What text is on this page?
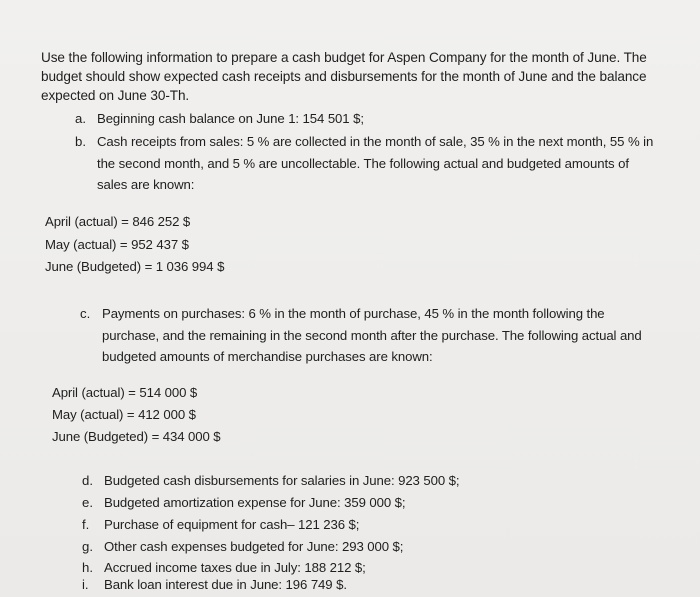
Use the following information to prepare a cash budget for Aspen Company for the month of June. The
budget should show expected cash receipts and disbursements for the month of June and the balance
expected on June 30-Th.
a. Beginning cash balance on June 1: 154 501 $;
b. Cash receipts from sales: 5 % are collected in the month of sale, 35 % in the next month, 55 % in
the second month, and 5 % are uncollectable. The following actual and budgeted amounts of
sales are known:
April (actual) = 846 252 $
May (actual) = 952 437 $
June (Budgeted) = 1 036 994 $
c. Payments on purchases: 6 % in the month of purchase, 45 % in the month following the
purchase, and the remaining in the second month after the purchase. The following actual and
budgeted amounts of merchandise purchases are known:
April (actual) = 514 000 $
May (actual) = 412 000 $
June (Budgeted) = 434 000 $
d. Budgeted cash disbursements for salaries in June: 923 500 $;
e. Budgeted amortization expense for June: 359 000 $;
f. Purchase of equipment for cash– 121 236 $;
g. Other cash expenses budgeted for June: 293 000 $;
h. Accrued income taxes due in July: 188 212 $;
i. Bank loan interest due in June: 196 749 $.
